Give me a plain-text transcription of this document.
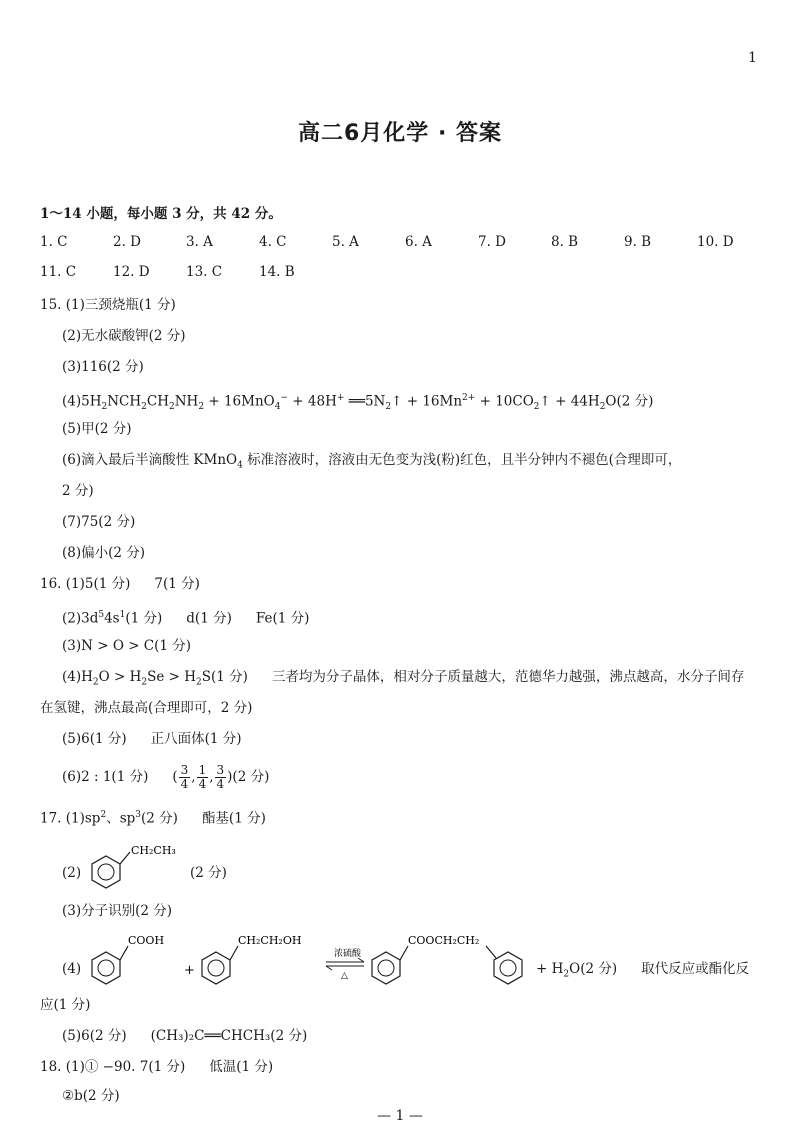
1
高二6月化学 · 答案
1～14 小题，每小题 3 分，共 42 分。
1. C	2. D	3. A	4. C	5. A	6. A	7. D	8. B	9. B	10. D
11. C	12. D	13. C	14. B
15. (1)三颈烧瓶(1 分)
(2)无水碳酸钾(2 分)
(3)116(2 分)
$(4)5H_2NCH_2CH_2NH_2 + 16MnO_4^- + 48H^+$ $══5N_2↑ + 16Mn^{2+}$ + $10CO_2↑ + 44H_2O(2$ 分)
(5)甲(2 分)
(6)滴入最后半滴酸性 KMnO$_4$ 标准溶液时，溶液由无色变为浅(粉)红色，且半分钟内不褪色(合理即可，
2 分)
(7)75(2 分)
(8)偏小(2 分)
16. (1)5(1 分) 7(1 分)
$(2)3d^54s^1(1$ 分) d(1 分) Fe(1 分)
(3)N > O > C(1 分)
$(4)H_2O > H_2Se > H_2S(1$ 分) 三者均为分子晶体，相对分子质量越大，范德华力越强，沸点越高，水分子间存
在氢键，沸点最高(合理即可，2 分)
(5)6(1 分) 正八面体(1 分)
(6)2 : 1(1 分) ( $\frac{3}{4}$ , $\frac{1}{4}$ , $\frac{3}{4} )(2$ 分)
17. $(1)sp^2$、$sp^3(2$ 分) 酯基(1 分)
(2)
CH₂CH₃
(2 分)
(3)分子识别(2 分)
(4)
COOH
+
CH₂CH₂OH
浓硫酸
△
COOCH₂CH₂
+ $H_2O(2$ 分) 取代反应或酯化反
应(1 分)
(5)6(2 分) (CH₃)₂C══CHCH₃(2 分)
18. (1)① −90. 7(1 分) 低温(1 分)
②b(2 分)
— 1 —
